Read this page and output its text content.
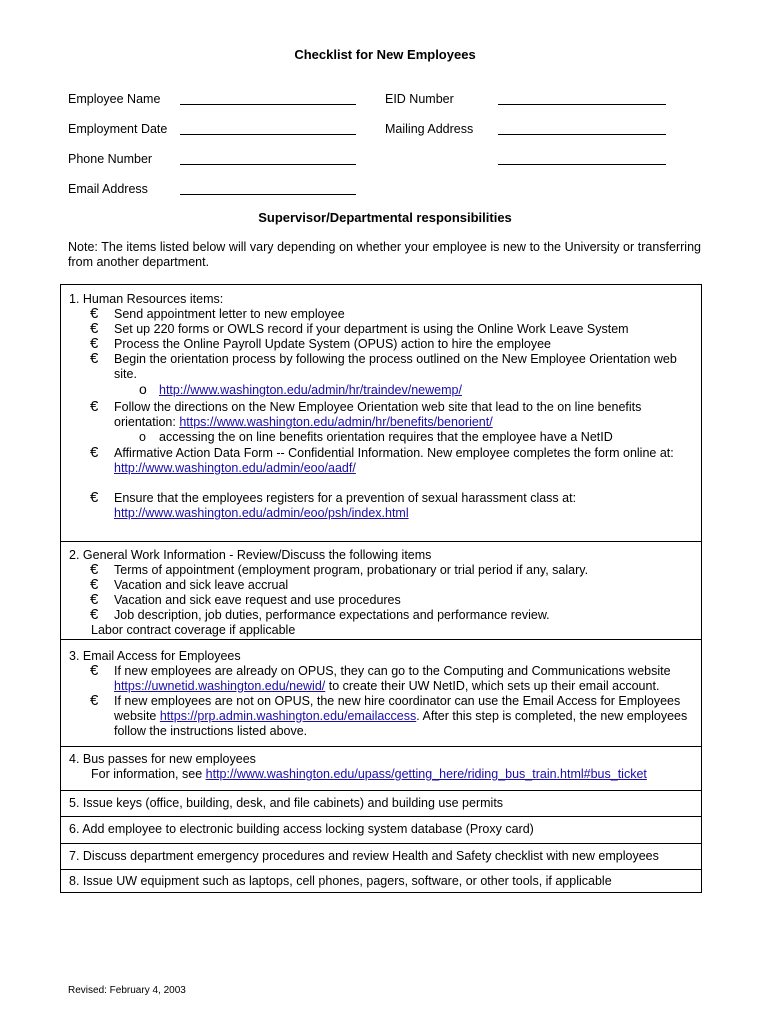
Checklist for New Employees
Employee Name	EID Number
Employment Date	Mailing Address
Phone Number
Email Address
Supervisor/Departmental responsibilities
Note: The items listed below will vary depending on whether your employee is new to the University or transferring from another department.
1. Human Resources items:
€ Send appointment letter to new employee
€ Set up 220 forms or OWLS record if your department is using the Online Work Leave System
€ Process the Online Payroll Update System (OPUS) action to hire the employee
€ Begin the orientation process by following the process outlined on the New Employee Orientation web
site.
o http://www.washington.edu/admin/hr/traindev/newemp/
€ Follow the directions on the New Employee Orientation web site that lead to the on line benefits
orientation: https://www.washington.edu/admin/hr/benefits/benorient/
o accessing the on line benefits orientation requires that the employee have a NetID
€ Affirmative Action Data Form -- Confidential Information. New employee completes the form online at:
http://www.washington.edu/admin/eoo/aadf/
€ Ensure that the employees registers for a prevention of sexual harassment class at:
http://www.washington.edu/admin/eoo/psh/index.html
2. General Work Information - Review/Discuss the following items
€ Terms of appointment (employment program, probationary or trial period if any, salary.
€ Vacation and sick leave accrual
€ Vacation and sick eave request and use procedures
€ Job description, job duties, performance expectations and performance review.
Labor contract coverage if applicable
3. Email Access for Employees
€ If new employees are already on OPUS, they can go to the Computing and Communications website
https://uwnetid.washington.edu/newid/ to create their UW NetID, which sets up their email account.
€ If new employees are not on OPUS, the new hire coordinator can use the Email Access for Employees
website https://prp.admin.washington.edu/emailaccess. After this step is completed, the new employees
follow the instructions listed above.
4. Bus passes for new employees
For information, see http://www.washington.edu/upass/getting_here/riding_bus_train.html#bus_ticket
5. Issue keys (office, building, desk, and file cabinets) and building use permits
6. Add employee to electronic building access locking system database (Proxy card)
7. Discuss department emergency procedures and review Health and Safety checklist with new employees
8. Issue UW equipment such as laptops, cell phones, pagers, software, or other tools, if applicable
Revised: February 4, 2003
